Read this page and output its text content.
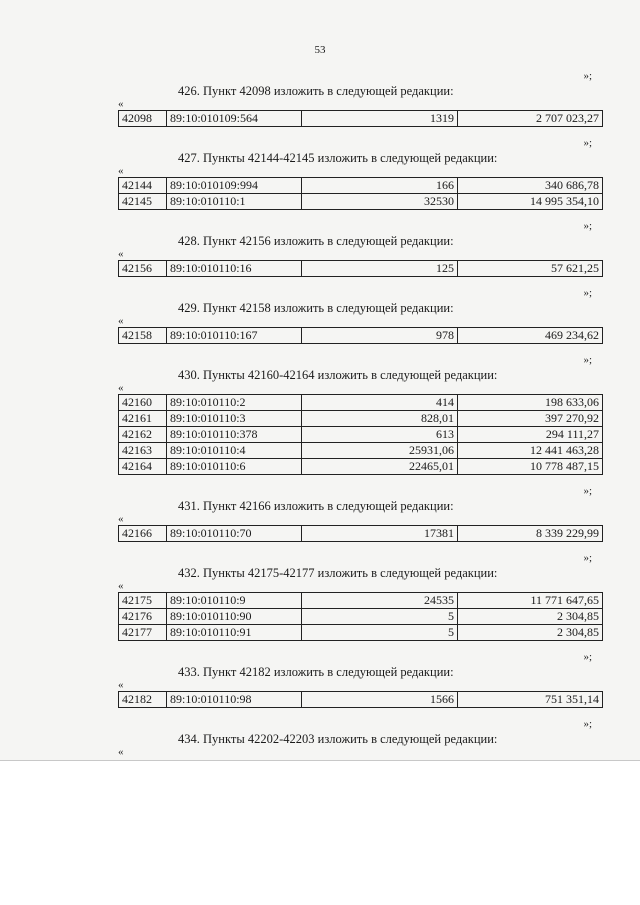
53
»;
426. Пункт 42098 изложить в следующей редакции:
«
42098	89:10:010109:564	1319	2 707 023,27
»;
427. Пункты 42144-42145 изложить в следующей редакции:
«
42144	89:10:010109:994	166	340 686,78
42145	89:10:010110:1	32530	14 995 354,10
»;
428. Пункт 42156 изложить в следующей редакции:
«
42156	89:10:010110:16	125	57 621,25
»;
429. Пункт 42158 изложить в следующей редакции:
«
42158	89:10:010110:167	978	469 234,62
»;
430. Пункты 42160-42164 изложить в следующей редакции:
«
42160	89:10:010110:2	414	198 633,06
42161	89:10:010110:3	828,01	397 270,92
42162	89:10:010110:378	613	294 111,27
42163	89:10:010110:4	25931,06	12 441 463,28
42164	89:10:010110:6	22465,01	10 778 487,15
»;
431. Пункт 42166 изложить в следующей редакции:
«
42166	89:10:010110:70	17381	8 339 229,99
»;
432. Пункты 42175-42177 изложить в следующей редакции:
«
42175	89:10:010110:9	24535	11 771 647,65
42176	89:10:010110:90	5	2 304,85
42177	89:10:010110:91	5	2 304,85
»;
433. Пункт 42182 изложить в следующей редакции:
«
42182	89:10:010110:98	1566	751 351,14
»;
434. Пункты 42202-42203 изложить в следующей редакции:
«
